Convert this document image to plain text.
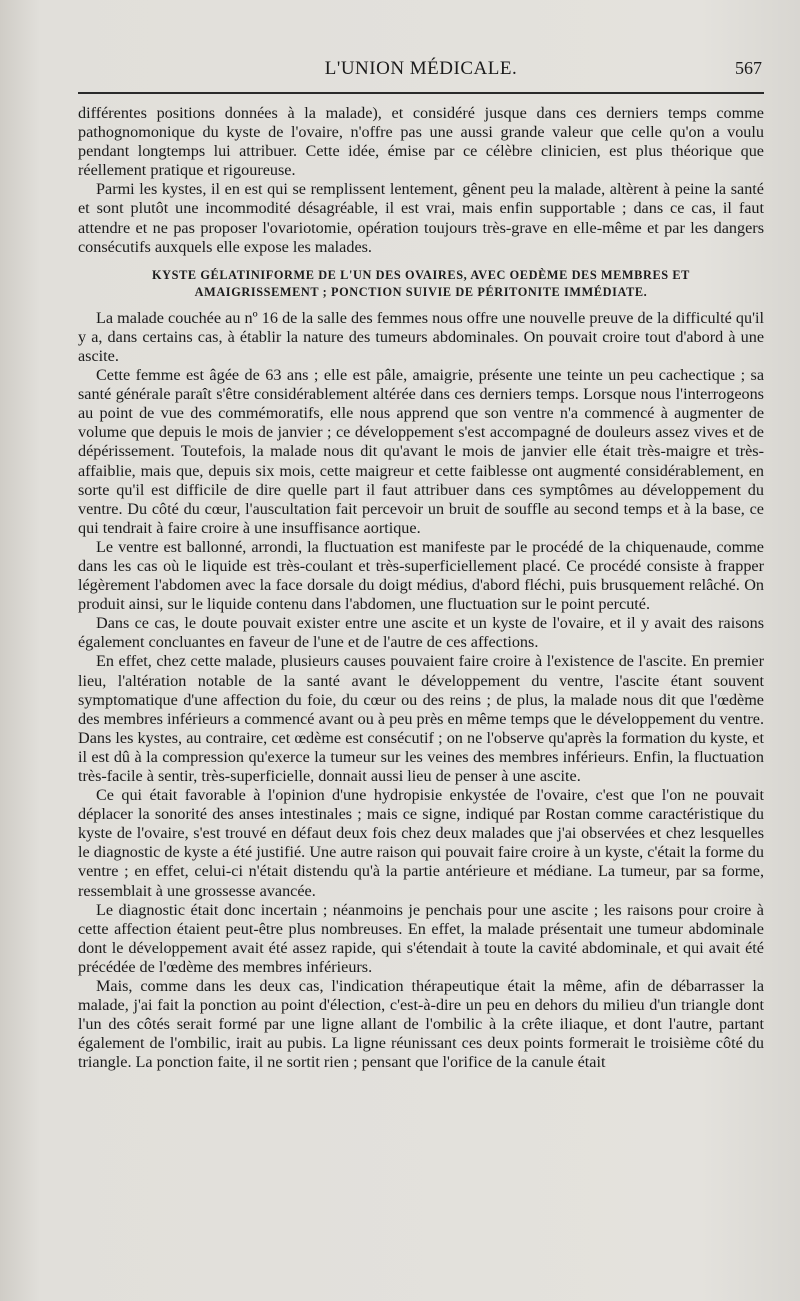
L'UNION MÉDICALE.	567

différentes positions données à la malade), et considéré jusque dans ces derniers temps comme pathognomonique du kyste de l'ovaire, n'offre pas une aussi grande valeur que celle qu'on a voulu pendant longtemps lui attribuer. Cette idée, émise par ce célèbre clinicien, est plus théorique que réellement pratique et rigoureuse.

Parmi les kystes, il en est qui se remplissent lentement, gênent peu la malade, altèrent à peine la santé et sont plutôt une incommodité désagréable, il est vrai, mais enfin supportable ; dans ce cas, il faut attendre et ne pas proposer l'ovariotomie, opération toujours très-grave en elle-même et par les dangers consécutifs auxquels elle expose les malades.

KYSTE GÉLATINIFORME DE L'UN DES OVAIRES, AVEC OEDÈME DES MEMBRES ET
AMAIGRISSEMENT ; PONCTION SUIVIE DE PÉRITONITE IMMÉDIATE.

La malade couchée au nº 16 de la salle des femmes nous offre une nouvelle preuve de la difficulté qu'il y a, dans certains cas, à établir la nature des tumeurs abdominales. On pouvait croire tout d'abord à une ascite.

Cette femme est âgée de 63 ans ; elle est pâle, amaigrie, présente une teinte un peu cachectique ; sa santé générale paraît s'être considérablement altérée dans ces derniers temps. Lorsque nous l'interrogeons au point de vue des commémoratifs, elle nous apprend que son ventre n'a commencé à augmenter de volume que depuis le mois de janvier ; ce développement s'est accompagné de douleurs assez vives et de dépérissement. Toutefois, la malade nous dit qu'avant le mois de janvier elle était très-maigre et très-affaiblie, mais que, depuis six mois, cette maigreur et cette faiblesse ont augmenté considérablement, en sorte qu'il est difficile de dire quelle part il faut attribuer dans ces symptômes au développement du ventre. Du côté du cœur, l'auscultation fait percevoir un bruit de souffle au second temps et à la base, ce qui tendrait à faire croire à une insuffisance aortique.

Le ventre est ballonné, arrondi, la fluctuation est manifeste par le procédé de la chiquenaude, comme dans les cas où le liquide est très-coulant et très-superficiellement placé. Ce procédé consiste à frapper légèrement l'abdomen avec la face dorsale du doigt médius, d'abord fléchi, puis brusquement relâché. On produit ainsi, sur le liquide contenu dans l'abdomen, une fluctuation sur le point percuté.

Dans ce cas, le doute pouvait exister entre une ascite et un kyste de l'ovaire, et il y avait des raisons également concluantes en faveur de l'une et de l'autre de ces affections.

En effet, chez cette malade, plusieurs causes pouvaient faire croire à l'existence de l'ascite. En premier lieu, l'altération notable de la santé avant le développement du ventre, l'ascite étant souvent symptomatique d'une affection du foie, du cœur ou des reins ; de plus, la malade nous dit que l'œdème des membres inférieurs a commencé avant ou à peu près en même temps que le développement du ventre. Dans les kystes, au contraire, cet œdème est consécutif ; on ne l'observe qu'après la formation du kyste, et il est dû à la compression qu'exerce la tumeur sur les veines des membres inférieurs. Enfin, la fluctuation très-facile à sentir, très-superficielle, donnait aussi lieu de penser à une ascite.

Ce qui était favorable à l'opinion d'une hydropisie enkystée de l'ovaire, c'est que l'on ne pouvait déplacer la sonorité des anses intestinales ; mais ce signe, indiqué par Rostan comme caractéristique du kyste de l'ovaire, s'est trouvé en défaut deux fois chez deux malades que j'ai observées et chez lesquelles le diagnostic de kyste a été justifié. Une autre raison qui pouvait faire croire à un kyste, c'était la forme du ventre ; en effet, celui-ci n'était distendu qu'à la partie antérieure et médiane. La tumeur, par sa forme, ressemblait à une grossesse avancée.

Le diagnostic était donc incertain ; néanmoins je penchais pour une ascite ; les raisons pour croire à cette affection étaient peut-être plus nombreuses. En effet, la malade présentait une tumeur abdominale dont le développement avait été assez rapide, qui s'étendait à toute la cavité abdominale, et qui avait été précédée de l'œdème des membres inférieurs.

Mais, comme dans les deux cas, l'indication thérapeutique était la même, afin de débarrasser la malade, j'ai fait la ponction au point d'élection, c'est-à-dire un peu en dehors du milieu d'un triangle dont l'un des côtés serait formé par une ligne allant de l'ombilic à la crête iliaque, et dont l'autre, partant également de l'ombilic, irait au pubis. La ligne réunissant ces deux points formerait le troisième côté du triangle. La ponction faite, il ne sortit rien ; pensant que l'orifice de la canule était
